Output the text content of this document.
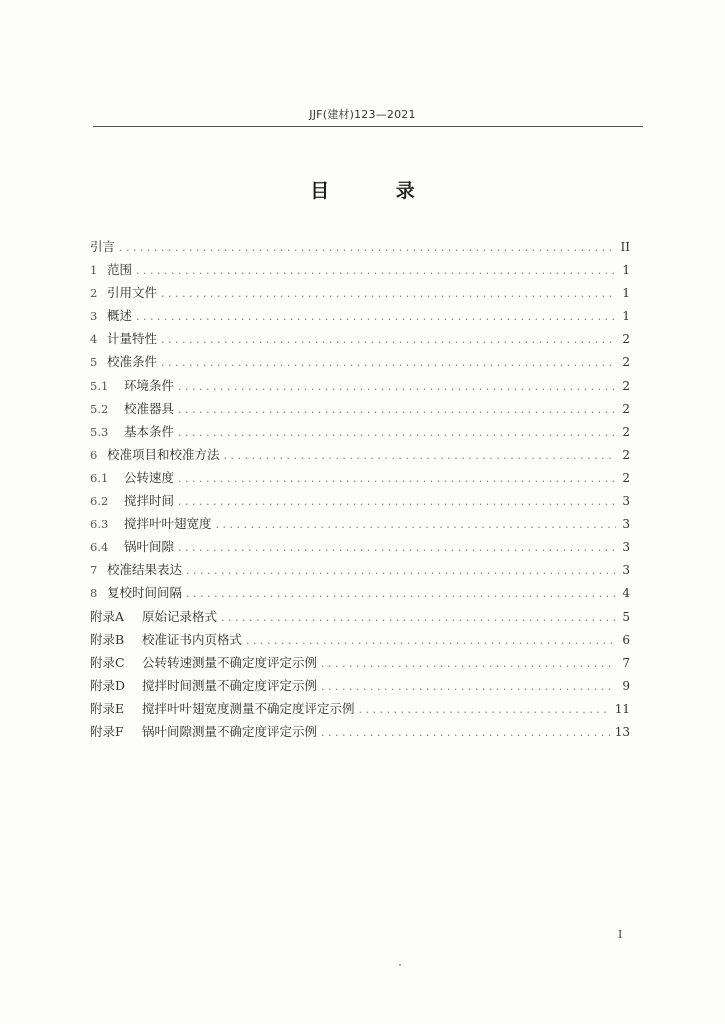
JJF(建材)123—2021
目 录
引言 . . .	II
1 范围 . . .	1
2 引用文件 . . .	1
3 概述 . . .	1
4 计量特性 . . .	2
5 校准条件 . . .	2
5.1	环境条件 . . .	2
5.2	校准器具 . . .	2
5.3	基本条件 . . .	2
6 校准项目和校准方法 . . .	2
6.1	公转速度 . . .	2
6.2	搅拌时间 . . .	3
6.3	搅拌叶叶翅宽度 . . .	3
6.4	锅叶间隙 . . .	3
7 校准结果表达 . . .	3
8 复校时间间隔 . . .	4
附录A	原始记录格式 . . .	5
附录B	校准证书内页格式 . . .	6
附录C	公转转速测量不确定度评定示例 . . .	7
附录D	搅拌时间测量不确定度评定示例 . . .	9
附录E	搅拌叶叶翅宽度测量不确定度评定示例 . . .	11
附录F	锅叶间隙测量不确定度评定示例 . . .	13
I
